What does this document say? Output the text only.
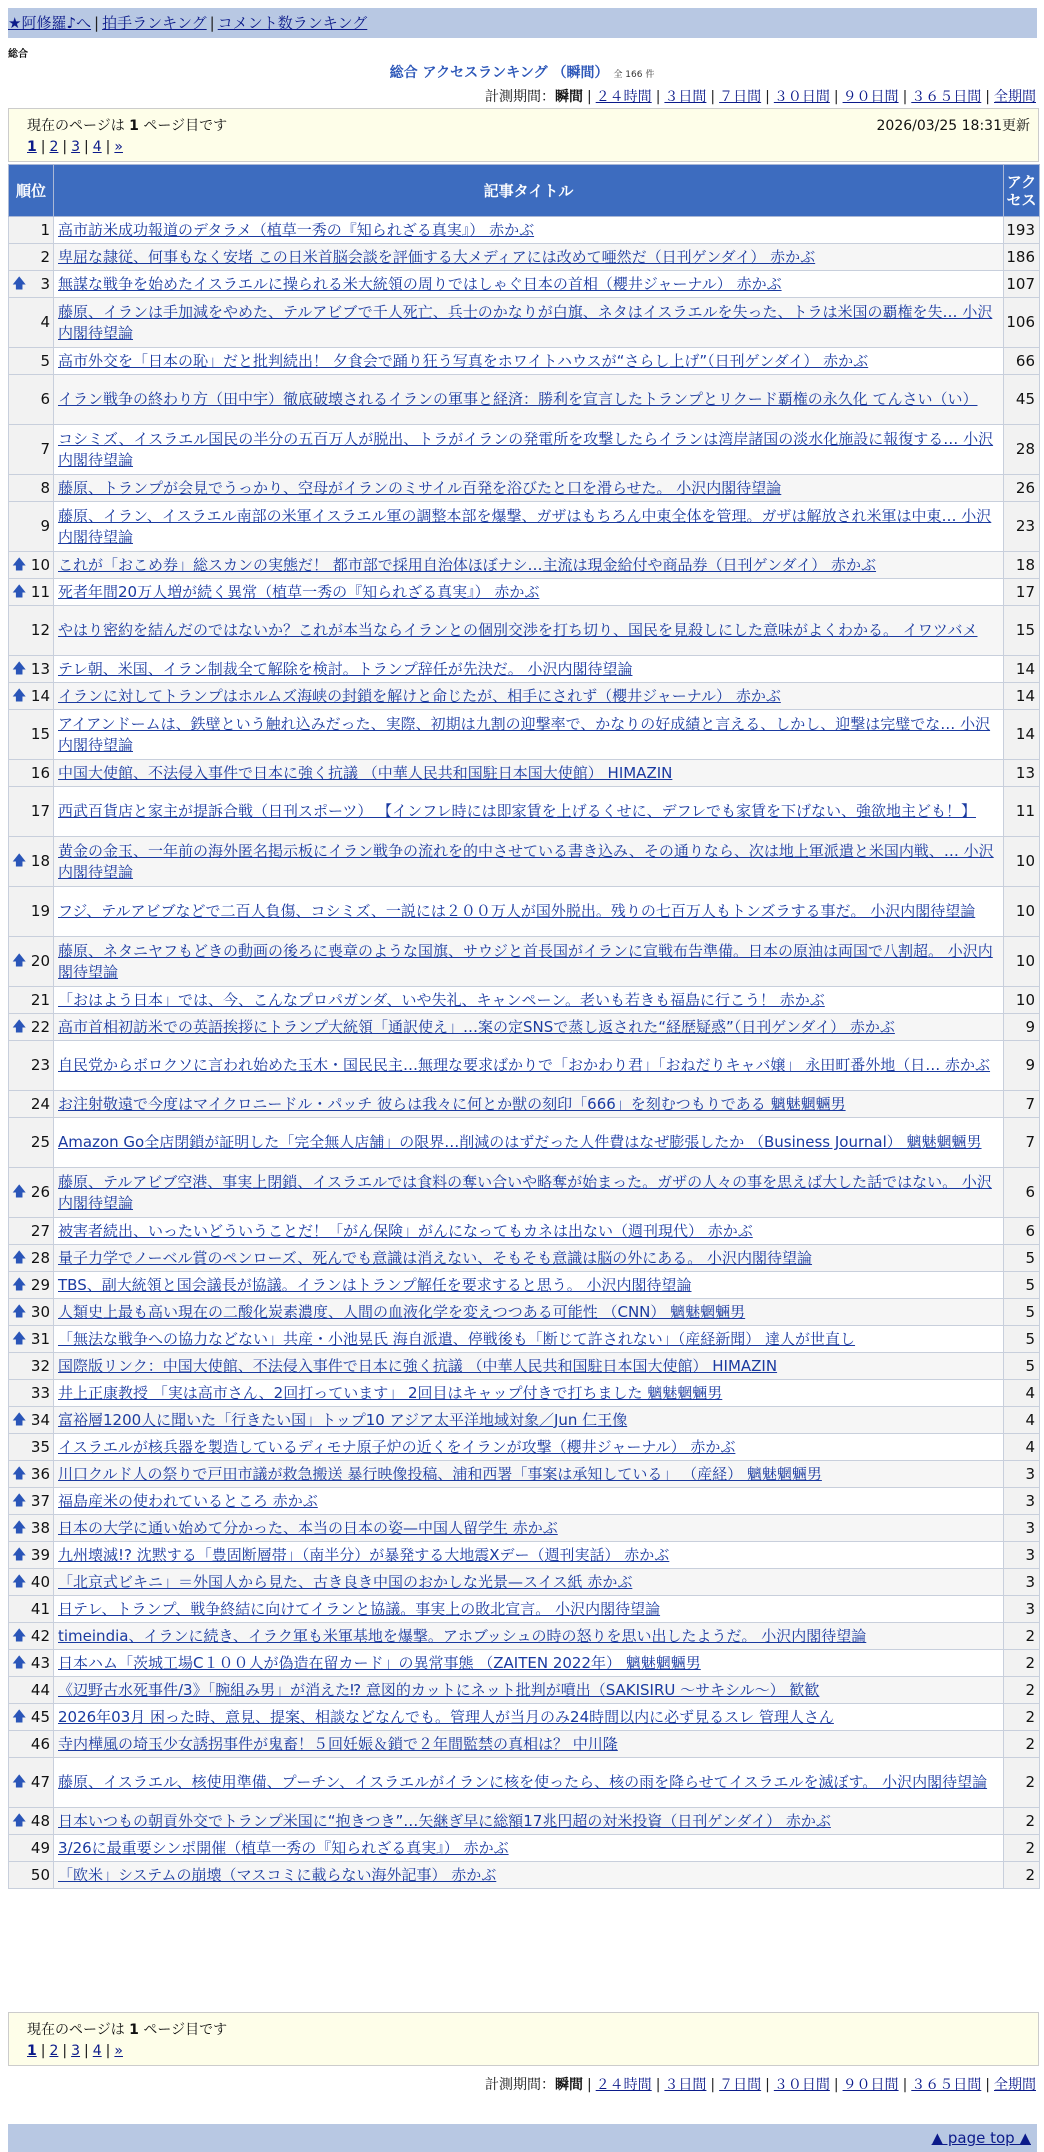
★阿修羅♪へ | 拍手ランキング | コメント数ランキング
総合
総合 アクセスランキング （瞬間） 全 166 件
計測期間：瞬間 | ２４時間 | ３日間 | ７日間 | ３０日間 | ９０日間 | ３６５日間 | 全期間
現在のページは 1 ページ目です	2026/03/25 18:31更新
1 | 2 | 3 | 4 | »
順位	記事タイトル	アクセス
1	高市訪米成功報道のデタラメ（植草一秀の『知られざる真実』） 赤かぶ	193
2	卑屈な隷従、何事もなく安堵 この日米首脳会談を評価する大メディアには改めて唖然だ（日刊ゲンダイ） 赤かぶ	186

🡅 3	無謀な戦争を始めたイスラエルに操られる米大統領の周りではしゃぐ日本の首相（櫻井ジャーナル） 赤かぶ	107
4	藤原、イランは手加減をやめた、テルアビブで千人死亡、兵士のかなりが白旗、ネタはイスラエルを失った、トラは米国の覇権を失… 小沢内閣待望論	106
5	高市外交を「日本の恥」だと批判続出！ 夕食会で踊り狂う写真をホワイトハウスが“さらし上げ”（日刊ゲンダイ） 赤かぶ	66
6	イラン戦争の終わり方（田中宇）徹底破壊されるイランの軍事と経済：勝利を宣言したトランプとリクード覇権の永久化 てんさい（い）	45
7	コシミズ、イスラエル国民の半分の五百万人が脱出、トラがイランの発電所を攻撃したらイランは湾岸諸国の淡水化施設に報復する… 小沢内閣待望論	28
8	藤原、トランプが会見でうっかり、空母がイランのミサイル百発を浴びたと口を滑らせた。 小沢内閣待望論	26
9	藤原、イラン、イスラエル南部の米軍イスラエル軍の調整本部を爆撃、ガザはもちろん中東全体を管理。ガザは解放され米軍は中東… 小沢内閣待望論	23

🡅 10	これが「おこめ券」総スカンの実態だ！ 都市部で採用自治体ほぼナシ…主流は現金給付や商品券（日刊ゲンダイ） 赤かぶ	18

🡅 11	死者年間20万人増が続く異常（植草一秀の『知られざる真実』） 赤かぶ	17
12	やはり密約を結んだのではないか？これが本当ならイランとの個別交渉を打ち切り、国民を見殺しにした意味がよくわかる。 イワツバメ	15

🡅 13	テレ朝、米国、イラン制裁全て解除を検討。トランプ辞任が先決だ。 小沢内閣待望論	14

🡅 14	イランに対してトランプはホルムズ海峡の封鎖を解けと命じたが、相手にされず（櫻井ジャーナル） 赤かぶ	14
15	アイアンドームは、鉄壁という触れ込みだった、実際、初期は九割の迎撃率で、かなりの好成績と言える、しかし、迎撃は完璧でな… 小沢内閣待望論	14
16	中国大使館、不法侵入事件で日本に強く抗議 （中華人民共和国駐日本国大使館） HIMAZIN	13
17	西武百貨店と家主が提訴合戦（日刊スポーツ） 【インフレ時には即家賃を上げるくせに、デフレでも家賃を下げない、強欲地主ども！】	11

🡅 18	黄金の金玉、一年前の海外匿名掲示板にイラン戦争の流れを的中させている書き込み、その通りなら、次は地上軍派遣と米国内戦、… 小沢内閣待望論	10
19	フジ、テルアビブなどで二百人負傷、コシミズ、一説には２００万人が国外脱出。残りの七百万人もトンズラする事だ。 小沢内閣待望論	10

🡅 20	藤原、ネタニヤフもどきの動画の後ろに喪章のような国旗、サウジと首長国がイランに宣戦布告準備。日本の原油は両国で八割超。 小沢内閣待望論	10
21	「おはよう日本」では、今、こんなプロパガンダ、いや失礼、キャンペーン。老いも若きも福島に行こう！ 赤かぶ	10

🡅 22	高市首相初訪米での英語挨拶にトランプ大統領「通訳使え」…案の定SNSで蒸し返された“経歴疑惑”（日刊ゲンダイ） 赤かぶ	9
23	自民党からボロクソに言われ始めた玉木・国民民主…無理な要求ばかりで「おかわり君」「おねだりキャバ嬢」 永田町番外地（日… 赤かぶ	9
24	お注射敬遠で今度はマイクロニードル・パッチ 彼らは我々に何とか獣の刻印「666」を刻むつもりである 魑魅魍魎男	7
25	Amazon Go全店閉鎖が証明した「完全無人店舗」の限界…削減のはずだった人件費はなぜ膨張したか （Business Journal） 魑魅魍魎男	7

🡅 26	藤原、テルアビブ空港、事実上閉鎖、イスラエルでは食料の奪い合いや略奪が始まった。ガザの人々の事を思えば大した話ではない。 小沢内閣待望論	6
27	被害者続出、いったいどういうことだ！「がん保険」がんになってもカネは出ない（週刊現代） 赤かぶ	6

🡅 28	量子力学でノーベル賞のペンローズ、死んでも意識は消えない、そもそも意識は脳の外にある。 小沢内閣待望論	5

🡅 29	TBS、副大統領と国会議長が協議。イランはトランプ解任を要求すると思う。 小沢内閣待望論	5

🡅 30	人類史上最も高い現在の二酸化炭素濃度、人間の血液化学を変えつつある可能性 （CNN） 魑魅魍魎男	5

🡅 31	「無法な戦争への協力などない」共産・小池晃氏 海自派遣、停戦後も「断じて許されない」（産経新聞） 達人が世直し	5
32	国際版リンク：中国大使館、不法侵入事件で日本に強く抗議 （中華人民共和国駐日本国大使館） HIMAZIN	5
33	井上正康教授 「実は高市さん、2回打っています」 2回目はキャップ付きで打ちました 魑魅魍魎男	4

🡅 34	富裕層1200人に聞いた「行きたい国」トップ10 アジア太平洋地域対象／Jun 仁王像	4
35	イスラエルが核兵器を製造しているディモナ原子炉の近くをイランが攻撃（櫻井ジャーナル） 赤かぶ	4

🡅 36	川口クルド人の祭りで戸田市議が救急搬送 暴行映像投稿、浦和西署「事案は承知している」 （産経） 魑魅魍魎男	3

🡅 37	福島産米の使われているところ 赤かぶ	3

🡅 38	日本の大学に通い始めて分かった、本当の日本の姿—中国人留学生 赤かぶ	3

🡅 39	九州壊滅!? 沈黙する「豊固断層帯」（南半分）が暴発する大地震Xデー（週刊実話） 赤かぶ	3

🡅 40	「北京式ビキニ」＝外国人から見た、古き良き中国のおかしな光景—スイス紙 赤かぶ	3
41	日テレ、トランプ、戦争終結に向けてイランと協議。事実上の敗北宣言。 小沢内閣待望論	3

🡅 42	timeindia、イランに続き、イラク軍も米軍基地を爆撃。アホブッシュの時の怒りを思い出したようだ。 小沢内閣待望論	2

🡅 43	日本ハム「茨城工場C１００人が偽造在留カード」の異常事態 （ZAITEN 2022年） 魑魅魍魎男	2
44	《辺野古水死事件/3》「腕組み男」が消えた⁉ 意図的カットにネット批判が噴出（SAKISIRU ～サキシル～） 歓歓	2

🡅 45	2026年03月 困った時、意見、提案、相談などなんでも。管理人が当月のみ24時間以内に必ず見るスレ 管理人さん	2
46	寺内樺風の埼玉少女誘拐事件が鬼畜！５回妊娠＆鎖で２年間監禁の真相は？ 中川隆	2

🡅 47	藤原、イスラエル、核使用準備、プーチン、イスラエルがイランに核を使ったら、核の雨を降らせてイスラエルを滅ぼす。 小沢内閣待望論	2

🡅 48	日本いつもの朝貢外交でトランプ米国に“抱きつき”…矢継ぎ早に総額17兆円超の対米投資（日刊ゲンダイ） 赤かぶ	2
49	3/26に最重要シンポ開催（植草一秀の『知られざる真実』） 赤かぶ	2
50	「欧米」システムの崩壊（マスコミに載らない海外記事） 赤かぶ	2
現在のページは 1 ページ目です
1 | 2 | 3 | 4 | »
計測期間：瞬間 | ２４時間 | ３日間 | ７日間 | ３０日間 | ９０日間 | ３６５日間 | 全期間
▲ page top ▲
